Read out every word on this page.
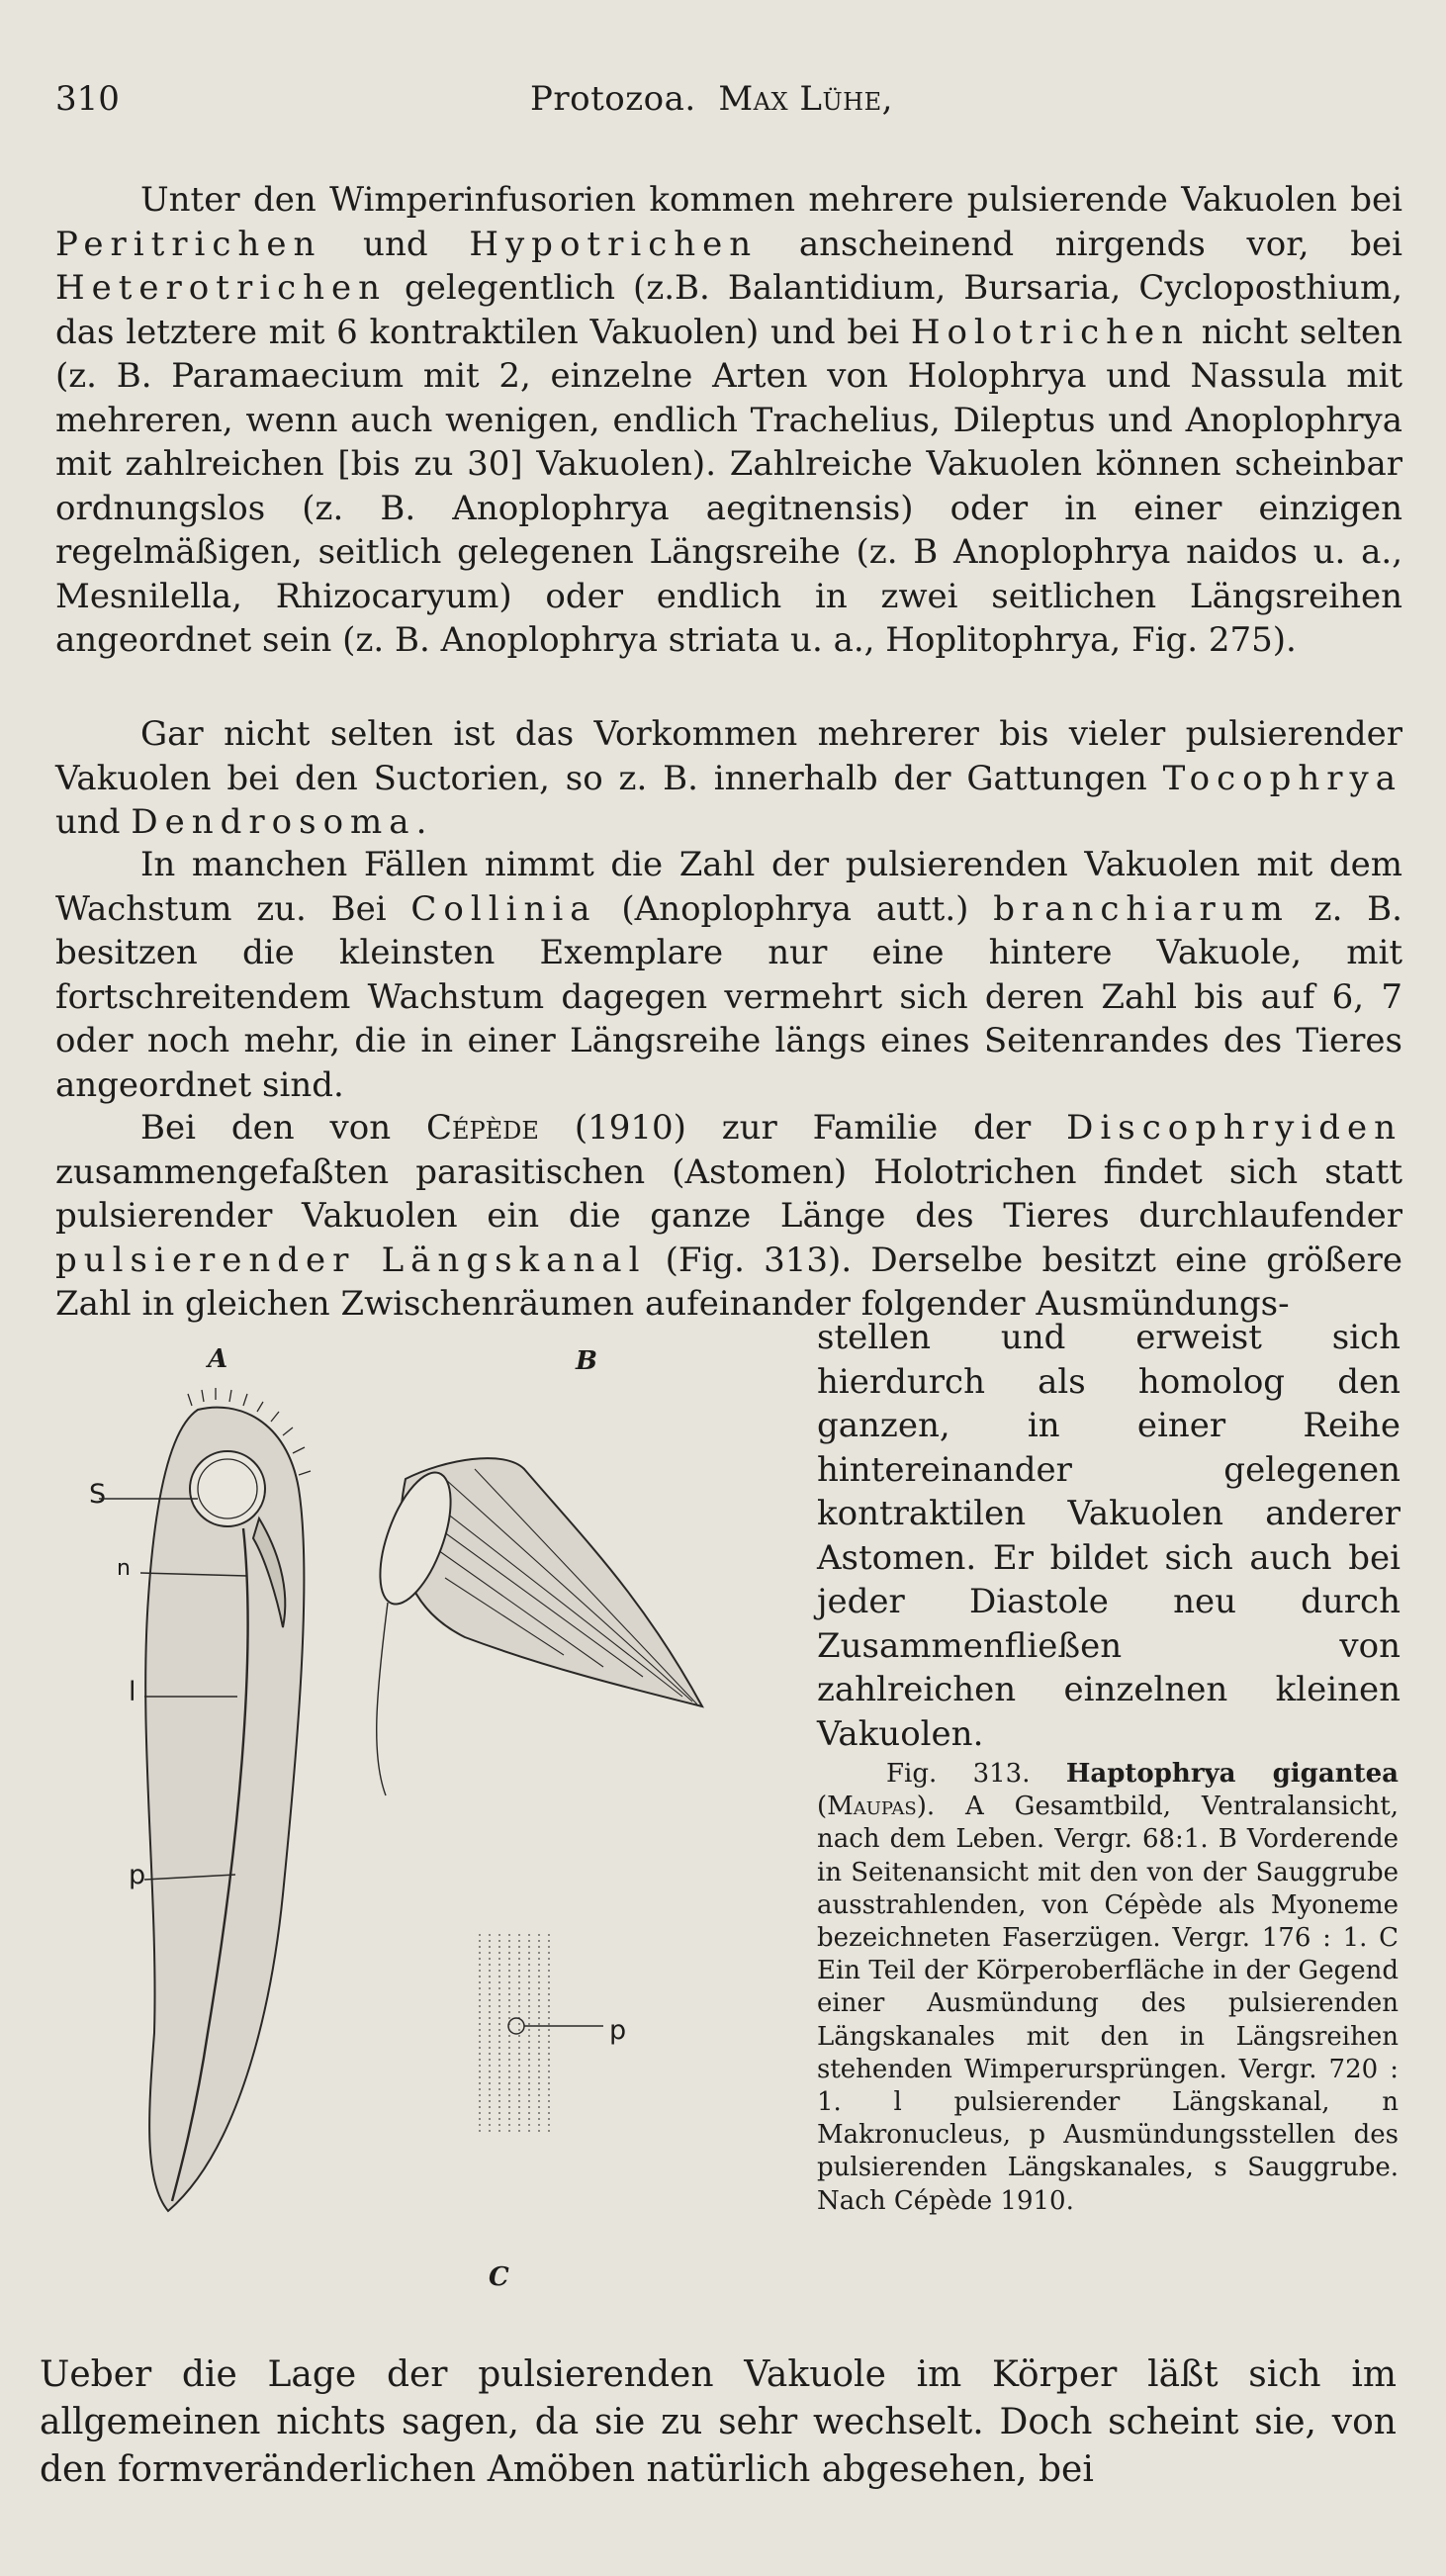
310	Protozoa. Max Lühe,
Unter den Wimperinfusorien kommen mehrere pulsierende Vakuolen bei Peritrichen und Hypotrichen anscheinend nirgends vor, bei Heterotrichen gelegentlich (z.B. Balantidium, Bursaria, Cycloposthium, das letztere mit 6 kontraktilen Vakuolen) und bei Holotrichen nicht selten (z. B. Paramaecium mit 2, einzelne Arten von Holophrya und Nassula mit mehreren, wenn auch wenigen, endlich Trachelius, Dileptus und Anoplophrya mit zahlreichen [bis zu 30] Vakuolen). Zahlreiche Vakuolen können scheinbar ordnungslos (z. B. Anoplophrya aegitnensis) oder in einer einzigen regelmäßigen, seitlich gelegenen Längsreihe (z. B Anoplophrya naidos u. a., Mesnilella, Rhizocaryum) oder endlich in zwei seitlichen Längsreihen angeordnet sein (z. B. Anoplophrya striata u. a., Hoplitophrya, Fig. 275).
Gar nicht selten ist das Vorkommen mehrerer bis vieler pulsierender Vakuolen bei den Suctorien, so z. B. innerhalb der Gattungen Tocophrya und Dendrosoma.
In manchen Fällen nimmt die Zahl der pulsierenden Vakuolen mit dem Wachstum zu. Bei Collinia (Anoplophrya autt.) branchiarum z. B. besitzen die kleinsten Exemplare nur eine hintere Vakuole, mit fortschreitendem Wachstum dagegen vermehrt sich deren Zahl bis auf 6, 7 oder noch mehr, die in einer Längsreihe längs eines Seitenrandes des Tieres angeordnet sind.
Bei den von Cépède (1910) zur Familie der Discophryiden zusammengefaßten parasitischen (Astomen) Holotrichen findet sich statt pulsierender Vakuolen ein die ganze Länge des Tieres durchlaufender pulsierender Längskanal (Fig. 313). Derselbe besitzt eine größere Zahl in gleichen Zwischenräumen aufeinander folgender Ausmündungs-
stellen und erweist sich hierdurch als homolog den ganzen, in einer Reihe hintereinander gelegenen kontraktilen Vakuolen anderer Astomen. Er bildet sich auch bei jeder Diastole neu durch Zusammenfließen von zahlreichen einzelnen kleinen Vakuolen.
A	B
C
S
n
l
p
p
Fig. 313. Haptophrya gigantea (Maupas). A Gesamtbild, Ventralansicht, nach dem Leben. Vergr. 68:1. B Vorderende in Seitenansicht mit den von der Sauggrube ausstrahlenden, von Cépède als Myoneme bezeichneten Faserzügen. Vergr. 176 : 1. C Ein Teil der Körperoberfläche in der Gegend einer Ausmündung des pulsierenden Längskanales mit den in Längsreihen stehenden Wimperursprüngen. Vergr. 720 : 1. l pulsierender Längskanal, n Makronucleus, p Ausmündungsstellen des pulsierenden Längskanales, s Sauggrube. Nach Cépède 1910.
Ueber die Lage der pulsierenden Vakuole im Körper läßt sich im allgemeinen nichts sagen, da sie zu sehr wechselt. Doch scheint sie, von den formveränderlichen Amöben natürlich abgesehen, bei
